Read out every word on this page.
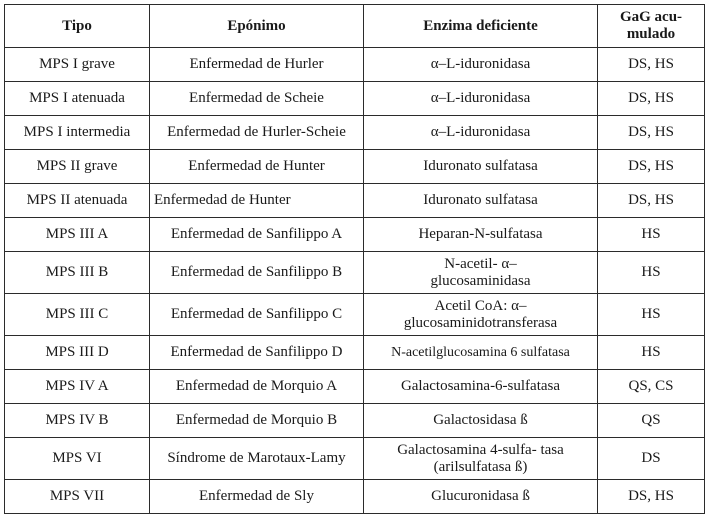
Tipo	Epónimo	Enzima deficiente	GaG acu- mulado
MPS I grave	Enfermedad de Hurler	α–L-iduronidasa	DS, HS
MPS I atenuada	Enfermedad de Scheie	α–L-iduronidasa	DS, HS
MPS I intermedia	Enfermedad de Hurler-Scheie	α–L-iduronidasa	DS, HS
MPS II grave	Enfermedad de Hunter	Iduronato sulfatasa	DS, HS
MPS II atenuada	Enfermedad de Hunter	Iduronato sulfatasa	DS, HS
MPS III A	Enfermedad de Sanfilippo A	Heparan-N-sulfatasa	HS
MPS III B	Enfermedad de Sanfilippo B	N-acetil- α–glucosaminidasa	HS
MPS III C	Enfermedad de Sanfilippo C	Acetil CoA: α– glucosaminidotransferasa	HS
MPS III D	Enfermedad de Sanfilippo D	N-acetilglucosamina 6 sulfatasa	HS
MPS IV A	Enfermedad de Morquio A	Galactosamina-6-sulfatasa	QS, CS
MPS IV B	Enfermedad de Morquio B	Galactosidasa ß	QS
MPS VI	Síndrome de Marotaux-Lamy	Galactosamina 4-sulfa- tasa (arilsulfatasa ß)	DS
MPS VII	Enfermedad de Sly	Glucuronidasa ß	DS, HS
